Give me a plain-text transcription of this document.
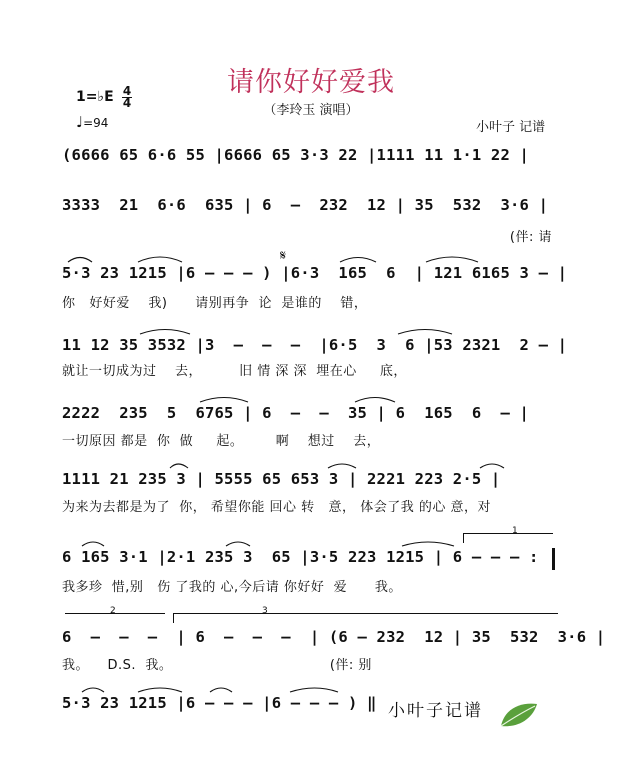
请你好好爱我
（李玲玉 演唱）
1=♭E 4
4
♩=94	小叶子 记谱
(6666 65 6·6 55 |6666 65 3·3 22 |1111 11 1·1 22 |
3333  21  6·6  635 | 6  –  232  12 | 35  532  3·6 |
(伴: 请
𝄋
5·3 23 1215 |6 – – – ) |6·3  165  6  | 121 6165 3 – |
你   好好爱    我)      请别再争  论  是谁的    错，
11 12 35 3532 |3  –  –  –  |6·5  3  6 |53 2321  2 – |
就让一切成为过    去，        旧 情 深 深  埋在心     底，
2222  235  5  6765 | 6  –  –  35 | 6  165  6  – |
一切原因 都是  你  做     起。       啊    想过    去，
1111 21 235 3 | 5555 65 653 3 | 2221 223 2·5 |
为来为去都是为了  你， 希望你能 回心 转   意， 体会了我 的心 意，对
1
6 165 3·1 |2·1 235 3  65 |3·5 223 1215 | 6 – – – :
我多珍  惜,别   伤 了我的 心,今后请 你好好  爱      我。
2	3
6  –  –  –  | 6  –  –  –  | (6 – 232  12 | 35  532  3·6 |
我。    D.S.  我。                                  (伴: 别
5·3 23 1215 |6 – – – |6 – – – ) ‖ 小叶子记谱
